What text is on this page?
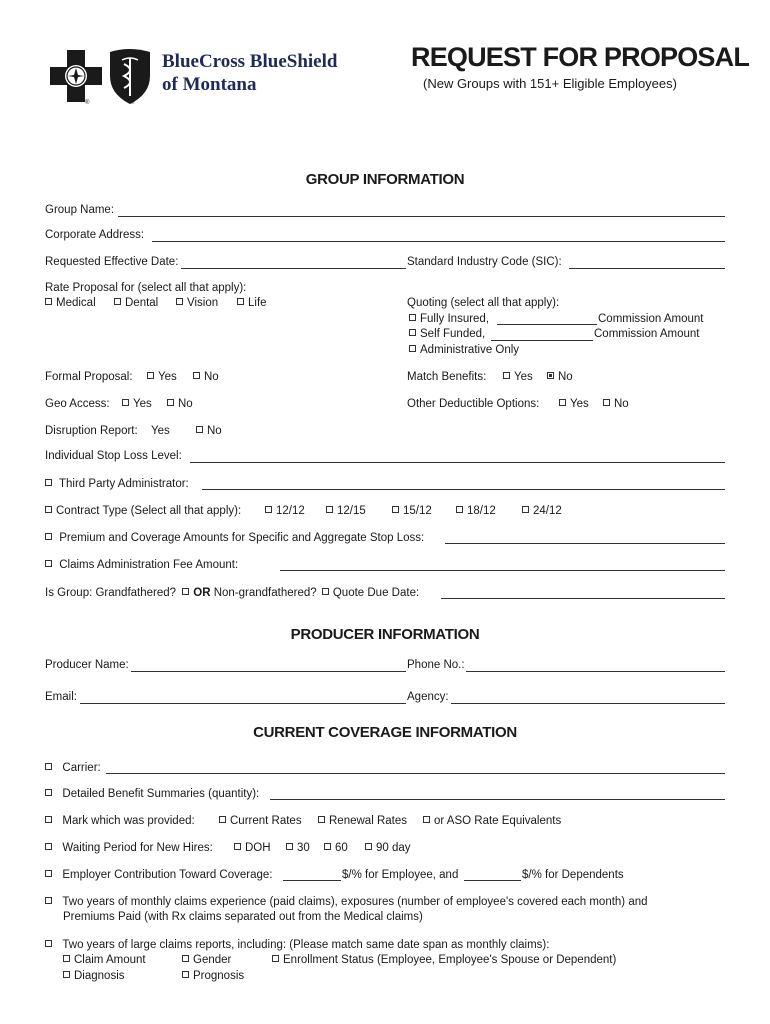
®	®
BlueCross BlueShield
of Montana
REQUEST FOR PROPOSAL
(New Groups with 151+ Eligible Employees)
GROUP INFORMATION
Group Name:
Corporate Address:
Requested Effective Date:	Standard Industry Code (SIC):
Rate Proposal for (select all that apply):
Medical	Dental	Vision	Life	Quoting (select all that apply):
Fully Insured,	Commission Amount
Self Funded,	Commission Amount
Administrative Only
Formal Proposal:	Yes	No	Match Benefits:	Yes	No
Geo Access:	Yes	No	Other Deductible Options:	Yes	No
Disruption Report: Yes	No
Individual Stop Loss Level:
Third Party Administrator:
Contract Type (Select all that apply):	12/12	12/15	15/12	18/12	24/12
Premium and Coverage Amounts for Specific and Aggregate Stop Loss:
Claims Administration Fee Amount:
Is Group: Grandfathered? OR Non-grandfathered? Quote Due Date:
PRODUCER INFORMATION
Producer Name:	Phone No.:
Email:	Agency:
CURRENT COVERAGE INFORMATION
Carrier:
Detailed Benefit Summaries (quantity):
Mark which was provided:	Current Rates	Renewal Rates	or ASO Rate Equivalents
Waiting Period for New Hires:	DOH	30	60	90 day
Employer Contribution Toward Coverage:	$/% for Employee, and	$/% for Dependents
Two years of monthly claims experience (paid claims), exposures (number of employee's covered each month) and
Premiums Paid (with Rx claims separated out from the Medical claims)
Two years of large claims reports, including: (Please match same date span as monthly claims):
Claim Amount	Gender	Enrollment Status (Employee, Employee's Spouse or Dependent)
Diagnosis	Prognosis
